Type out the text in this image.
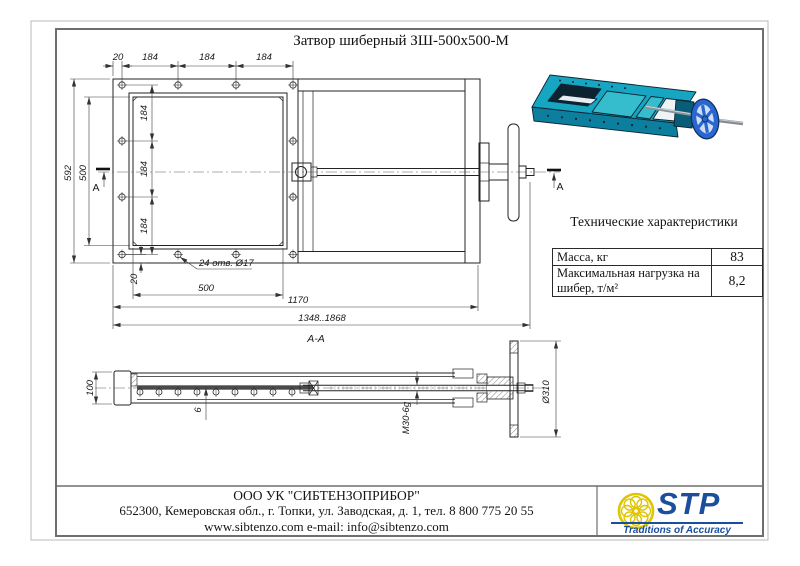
А	А
20 184	184	184
592 500
184
184
184
20
24 отв. Ø17
500
1170
1348..1868
А-А
100
6	М30-6g
Ø310
Затвор шиберный ЗШ-500х500-М
Технические характеристики
Масса, кг	83
Максимальная нагрузка на шибер, т/м²	8,2
ООО УК "СИБТЕНЗОПРИБОР"
652300, Кемеровская обл., г. Топки, ул. Заводская, д. 1, тел. 8 800 775 20 55
www.sibtenzo.com e-mail: info@sibtenzo.com
STP
Traditions of Accuracy
